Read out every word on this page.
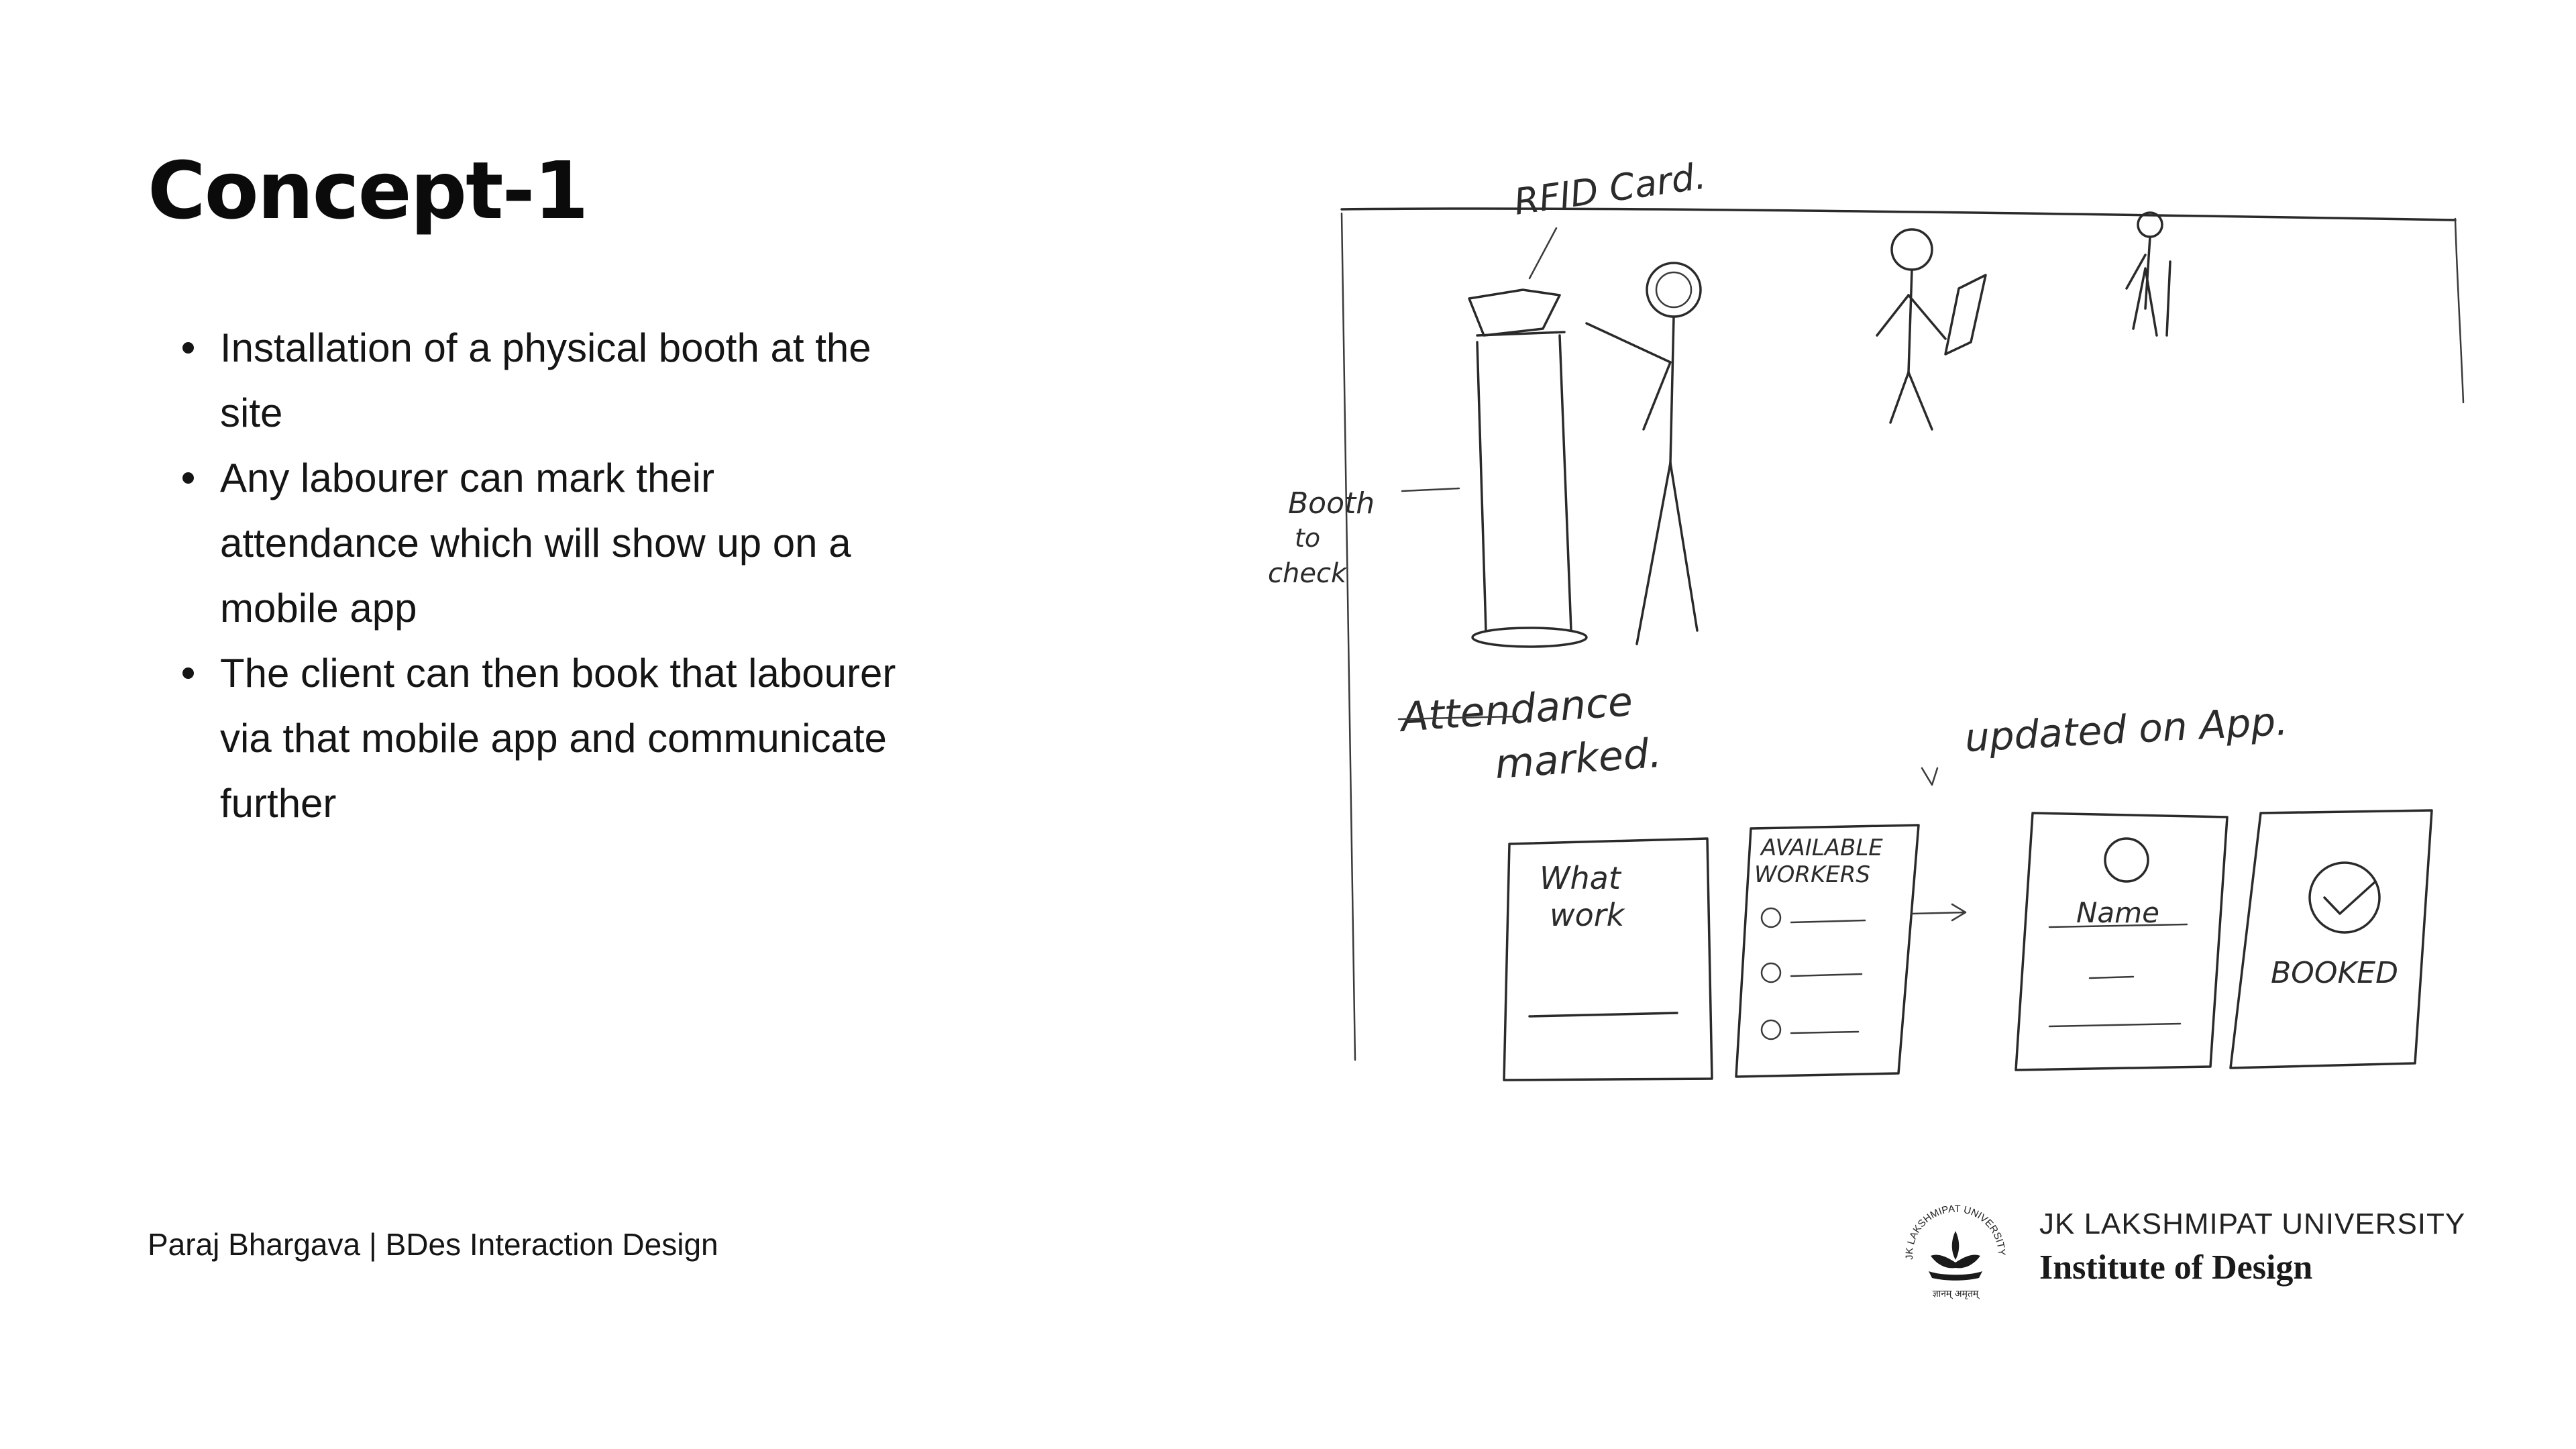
Concept-1
Installation of a physical booth at the site
Any labourer can mark their attendance which will show up on a mobile app
The client can then book that labourer via that mobile app and communicate further
RFID Card.
Booth
to
check
Attendance
marked.	updated on App.
What
work
AVAILABLE
WORKERS
Name
BOOKED
Paraj Bhargava | BDes Interaction Design	JK LAKSHMIPAT UNIVERSITY
ज्ञानम् अमृतम्
JK LAKSHMIPAT UNIVERSITY
Institute of Design
